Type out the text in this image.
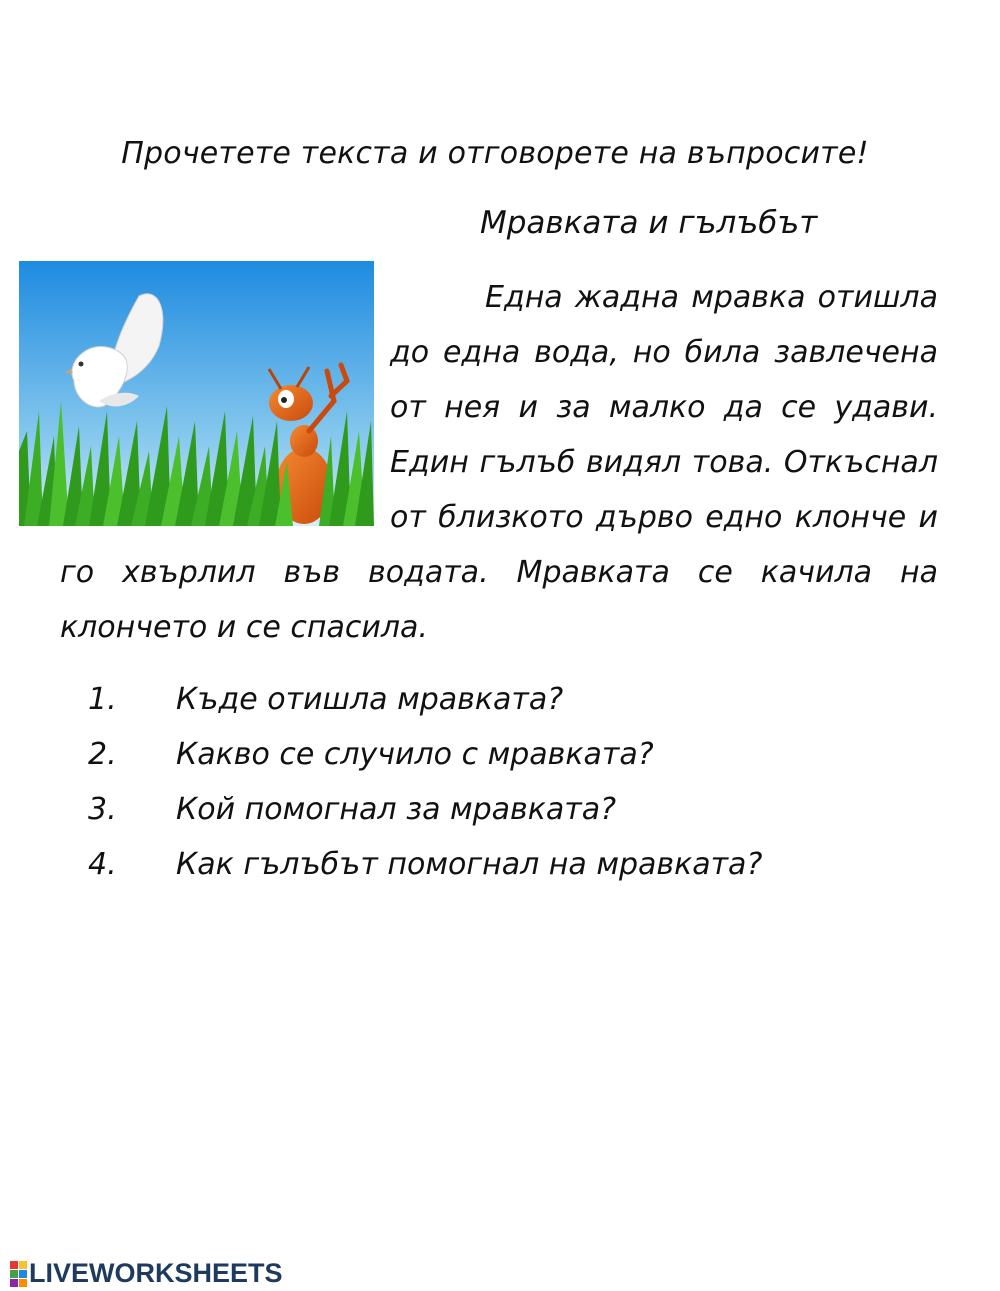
Прочетете текста и отговорете на въпросите!
Мравката и гълъбът

Една жадна мравка отишла до една вода, но била завлечена от нея и за малко да се удави. Един гълъб видял това. Откъснал от близкото дърво едно клонче и го хвърлил във водата. Мравката се качила на клончето и се спасила.

1.	Къде отишла мравката?
2.	Какво се случило с мравката?
3.	Кой помогнал за мравката?
4.	Как гълъбът помогнал на мравката?
LIVEWORKSHEETS
